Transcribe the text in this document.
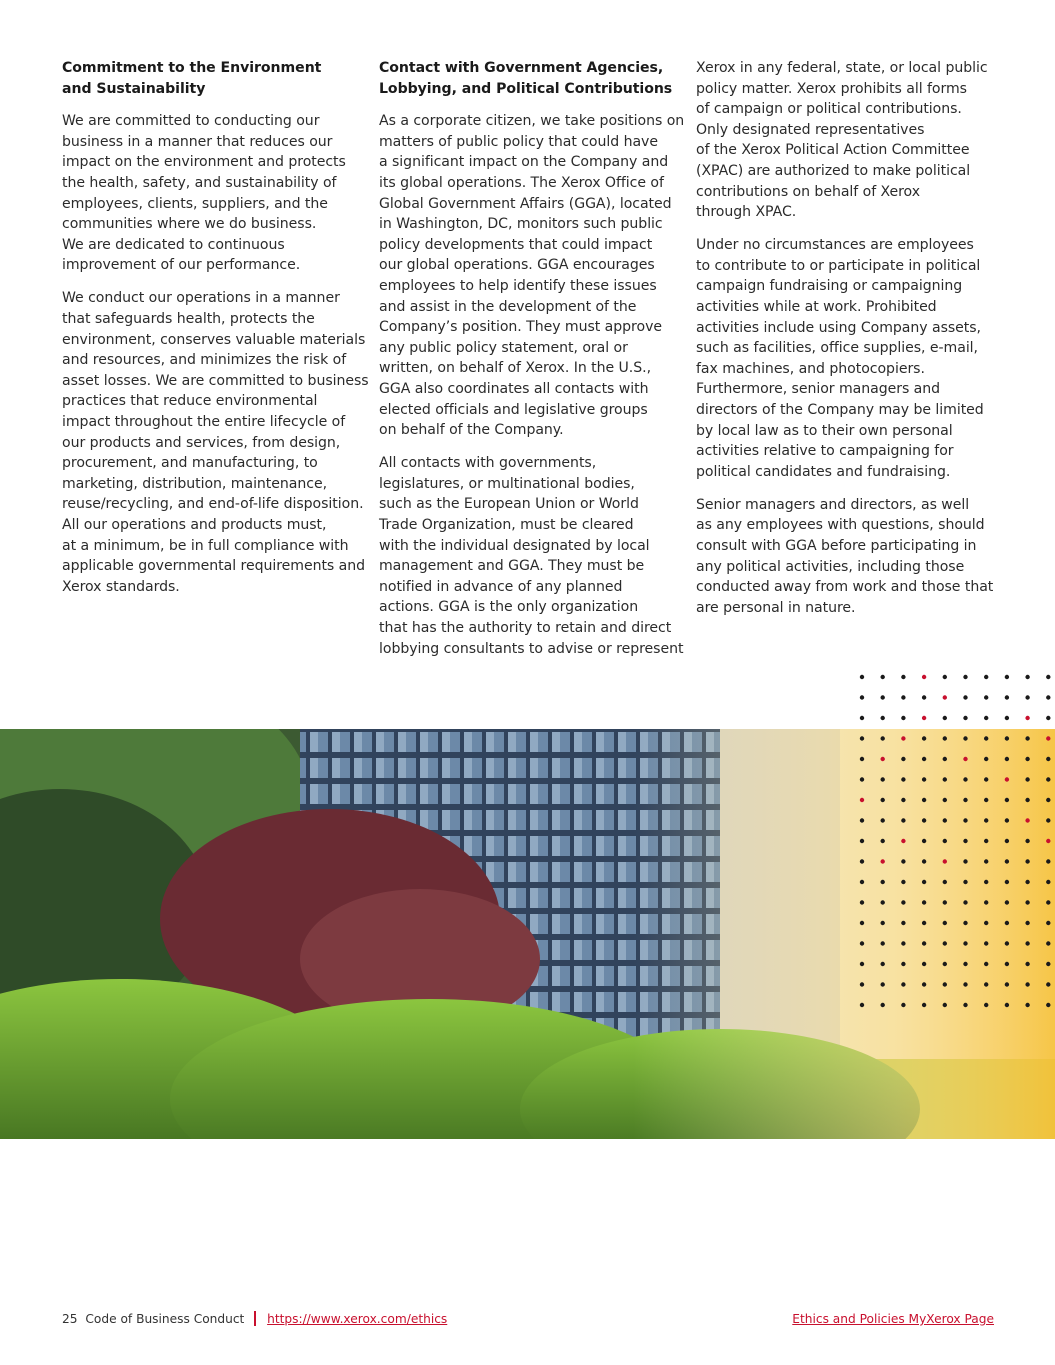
Commitment to the Environment
and Sustainability

We are committed to conducting our
business in a manner that reduces our
impact on the environment and protects
the health, safety, and sustainability of
employees, clients, suppliers, and the
communities where we do business.
We are dedicated to continuous
improvement of our performance.

We conduct our operations in a manner
that safeguards health, protects the
environment, conserves valuable materials
and resources, and minimizes the risk of
asset losses. We are committed to business
practices that reduce environmental
impact throughout the entire lifecycle of
our products and services, from design,
procurement, and manufacturing, to
marketing, distribution, maintenance,
reuse/recycling, and end-of-life disposition.
All our operations and products must,
at a minimum, be in full compliance with
applicable governmental requirements and
Xerox standards.

Contact with Government Agencies,
Lobbying, and Political Contributions

As a corporate citizen, we take positions on
matters of public policy that could have
a significant impact on the Company and
its global operations. The Xerox Office of
Global Government Affairs (GGA), located
in Washington, DC, monitors such public
policy developments that could impact
our global operations. GGA encourages
employees to help identify these issues
and assist in the development of the
Company’s position. They must approve
any public policy statement, oral or
written, on behalf of Xerox. In the U.S.,
GGA also coordinates all contacts with
elected officials and legislative groups
on behalf of the Company.

All contacts with governments,
legislatures, or multinational bodies,
such as the European Union or World
Trade Organization, must be cleared
with the individual designated by local
management and GGA. They must be
notified in advance of any planned
actions. GGA is the only organization
that has the authority to retain and direct
lobbying consultants to advise or represent

Xerox in any federal, state, or local public
policy matter. Xerox prohibits all forms
of campaign or political contributions.
Only designated representatives
of the Xerox Political Action Committee
(XPAC) are authorized to make political
contributions on behalf of Xerox
through XPAC.

Under no circumstances are employees
to contribute to or participate in political
campaign fundraising or campaigning
activities while at work. Prohibited
activities include using Company assets,
such as facilities, office supplies, e-mail,
fax machines, and photocopiers.
Furthermore, senior managers and
directors of the Company may be limited
by local law as to their own personal
activities relative to campaigning for
political candidates and fundraising.

Senior managers and directors, as well
as any employees with questions, should
consult with GGA before participating in
any political activities, including those
conducted away from work and those that
are personal in nature.

25 Code of Business Conduct https://www.xerox.com/ethics	Ethics and Policies MyXerox Page
